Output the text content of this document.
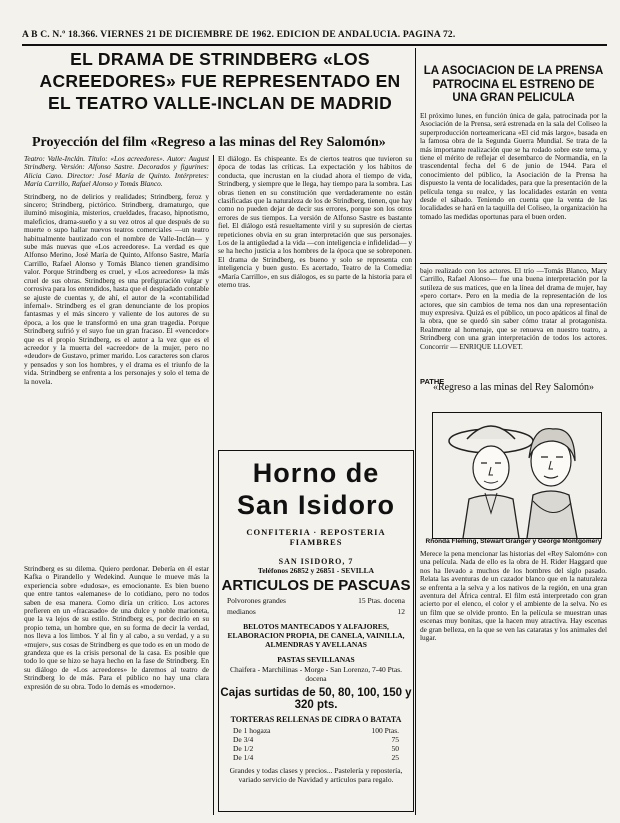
A B C. N.º 18.366. VIERNES 21 DE DICIEMBRE DE 1962. EDICION DE ANDALUCIA. PAGINA 72.
EL DRAMA DE STRINDBERG «LOS ACREEDORES» FUE REPRESENTADO EN EL TEATRO VALLE-INCLAN DE MADRID
Proyección del film «Regreso a las minas del Rey Salomón»

Teatro: Valle-Inclán. Título: «Los acreedores». Autor: August Strindberg. Versión: Alfonso Sastre. Decorados y figurines: Alicia Cano. Director: José María de Quinto. Intérpretes: María Carrillo, Rafael Alonso y Tomás Blanco.

Strindberg, no de delirios y realidades; Strindberg, feroz y sincero; Strindberg, pictórico. Strindberg, dramaturgo, que iluminó misoginia, misterios, crueldades, fracaso, hipnotismo, maleficios, drama-sueño y a su vez otros al que después de su muerte o supo hallar nuevos teatros comerciales —un teatro habitualmente bautizado con el nombre de Valle-Inclán— y sube más nuevas que «Los acreedores». La verdad es que Alfonso Merino, José María de Quinto, Alfonso Sastre, María Carrillo, Rafael Alonso y Tomás Blanco tienen grandísimo valor. Porque Strindberg es cruel, y «Los acreedores» la más cruel de sus obras. Strindberg es una prefiguración vulgar y corrosiva para los entendidos, hasta que el despiadado contable se ajuste de cuentas y, de ahí, el autor de la «contabilidad infernal». Strindberg es el gran denunciante de los propios fantasmas y el más sincero y valiente de los autores de su época, a los que le transformó en una gran tragedia. Porque Strindberg sufrió y el suyo fue un gran fracaso. El «vencedor» que es el propio Strindberg, es el autor a la vez que es el acreedor y la muerta del «acreedor» de la mujer, pero no «deudor» de Gustavo, primer marido. Los caracteres son claros y pensados y son los hombres, y el drama es el triunfo de la vida. Strindberg se enfrenta a los personajes y solo el tema de la novela.

El diálogo. Es chispeante. Es de ciertos teatros que tuvieron su época de todas las críticas. La expectación y los hábitos de conducta, que incrustan en la ciudad ahora el tiempo de vida, Strindberg, y siempre que le llega, hay tiempo para la sombra. Las obras tienen en su constitución que verdaderamente no están clasificadas que la naturaleza de los de Strindberg, tienen, que hay como no pueden dejar de decir sus errores, porque son los otros errores de sus tiempos. La versión de Alfonso Sastre es bastante fiel. El diálogo está resueltamente viril y su supresión de ciertas repeticiones obvia en su gran interpretación que sus personajes. Los de la antigüedad a la vida —con inteligencia e infidelidad— y se ha hecho justicia a los hombres de la época que se sobreponen. El drama de Strindberg, es bueno y solo se representa con inteligencia y buen gusto. Es acertado, Teatro de la Comedia: «María Carrillo», en sus diálogos, es su parte de la historia para el eterno tras.

Horno de
San Isidoro
CONFITERIA · REPOSTERIA FIAMBRES
SAN ISIDORO, 7
Teléfonos 26852 y 26851 - SEVILLA
ARTICULOS DE PASCUAS
Polvorones grandes	15 Ptas. docena
medianos	12
BELOTOS MANTECADOS Y ALFAJORES, ELABORACION PROPIA, DE CANELA, VAINILLA, ALMENDRAS Y AVELLANAS
PASTAS SEVILLANAS
Chaifera - Marchilinas - Morge - San Lorenzo, 7-40 Ptas. docena
Cajas surtidas de 50, 80, 100, 150 y 320 pts.
TORTERAS RELLENAS DE CIDRA O BATATA
De 1 hogaza	100 Ptas.
De 3/4	75
De 1/2	50
De 1/4	25
Grandes y todas clases y precios... Pastelería y repostería, variado servicio de Navidad y artículos para regalo.
LA ASOCIACION DE LA PRENSA PATROCINA EL ESTRENO DE UNA GRAN PELICULA

El próximo lunes, en función única de gala, patrocinada por la Asociación de la Prensa, será estrenada en la sala del Coliseo la superproducción norteamericana «El cid más largo», basada en la famosa obra de la Segunda Guerra Mundial. Se trata de la más importante realización que se ha rodado sobre este tema, y tiene el mérito de reflejar el desembarco de Normandía, en la trascendental fecha del 6 de junio de 1944. Para el conocimiento del público, la Asociación de la Prensa ha dispuesto la venta de localidades, para que la presentación de la película tenga su realce, y las localidades estarán en venta desde el sábado. Teniendo en cuenta que la venta de las localidades se hará en la taquilla del Coliseo, la organización ha tomado las medidas oportunas para el buen orden.

bajo realizado con los actores. El trío —Tomás Blanco, Mary Carrillo, Rafael Alonso— fue una buena interpretación por la sutileza de sus matices, que en la línea del drama de mujer, hay «pero cortar». Pero en la media de la representación de los actores, que sin cambios de tema nos dan una representación muy expresiva. Quizá es el público, un poco apáticos al final de la obra, que se quedó sin saber cómo tratar al protagonista. Realmente al homenaje, que se renueva en nuestro teatro, a Strindberg con una gran interpretación de todos los actores. Concorrir — ENRIQUE LLOVET.

PATHE
«Regreso a las minas del Rey Salomón»
Rhonda Fleming, Stewart Granger y George Montgomery

Merece la pena mencionar las historias del «Rey Salomón» con una película. Nada de ello es la obra de H. Rider Haggard que nos ha llevado a muchos de los hombres del siglo pasado. Relata las aventuras de un cazador blanco que en la naturaleza se enfrenta a la selva y a los nativos de la región, en una gran aventura del África central. El film está interpretado con gran acierto por el elenco, el color y el ambiente de la selva. No es un film que se olvide pronto. En la película se muestran unas escenas muy bonitas, que la hacen muy atractiva. Hay escenas de gran belleza, en la que se ven las cataratas y los animales del lugar.

Strindberg es su dilema. Quiero perdonar. Debería en él estar Kafka o Pirandello y Wedekind. Aunque le mueve más la experiencia sobre «dudosa», es emocionante. Es bien bueno que entre tantos «alemanes» de lo cotidiano, pero no todos saben de esa manera. Como diría un crítico. Los actores prefieren en un «fracasado» de una dulce y noble marioneta, que la va lejos de su estilo. Strindberg es, por decirlo en su propio tema, un hombre que, en su forma de decir la verdad, nos lleva a los limbos. Y al fin y al cabo, a su verdad, y a su «mujer», sus cosas de Strindberg es que todo es en un modo de grandeza que es la crisis personal de la casa. Es posible que todo lo que se hizo se haya hecho en la fase de Strindberg. En su diálogo de «Los acreedores» le daremos al teatro de Strindberg lo de más. Para el público no hay una clara expresión de su obra. Todo lo demás es «moderno».
